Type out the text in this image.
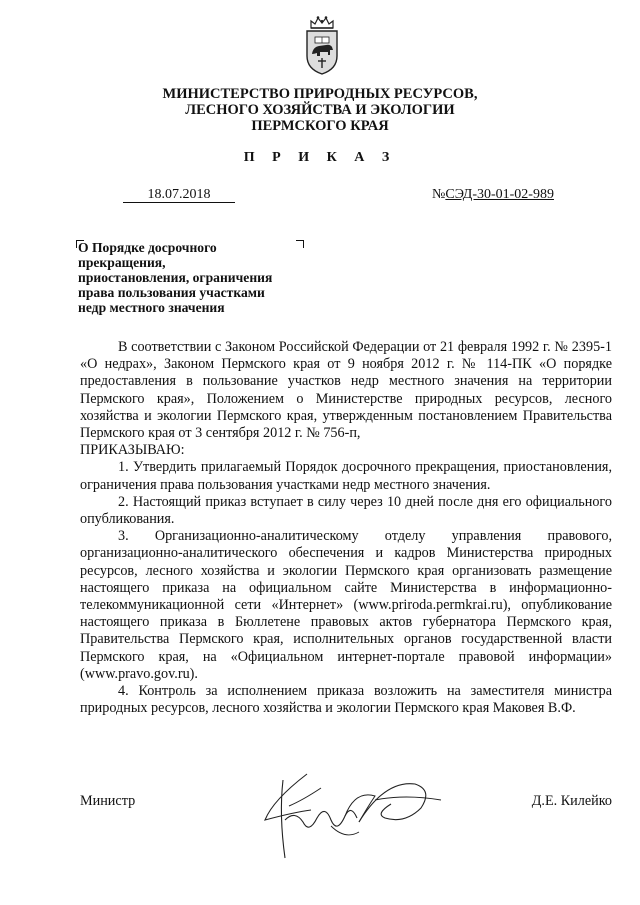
МИНИСТЕРСТВО ПРИРОДНЫХ РЕСУРСОВ,
ЛЕСНОГО ХОЗЯЙСТВА И ЭКОЛОГИИ
ПЕРМСКОГО КРАЯ
П Р И К А З
18.07.2018	№СЭД-30-01-02-989
О Порядке досрочного
прекращения,
приостановления, ограничения
права пользования участками
недр местного значения
В соответствии с Законом Российской Федерации от 21 февраля 1992 г. № 2395-1 «О недрах», Законом Пермского края от 9 ноября 2012 г. № 114-ПК «О порядке предоставления в пользование участков недр местного значения на территории Пермского края», Положением о Министерстве природных ресурсов, лесного хозяйства и экологии Пермского края, утвержденным постановлением Правительства Пермского края от 3 сентября 2012 г. № 756-п,
ПРИКАЗЫВАЮ:
1. Утвердить прилагаемый Порядок досрочного прекращения, приостановления, ограничения права пользования участками недр местного значения.
2. Настоящий приказ вступает в силу через 10 дней после дня его официального опубликования.
3. Организационно-аналитическому отделу управления правового, организационно-аналитического обеспечения и кадров Министерства природных ресурсов, лесного хозяйства и экологии Пермского края организовать размещение настоящего приказа на официальном сайте Министерства в информационно-телекоммуникационной сети «Интернет» (www.priroda.permkrai.ru), опубликование настоящего приказа в Бюллетене правовых актов губернатора Пермского края, Правительства Пермского края, исполнительных органов государственной власти Пермского края, на «Официальном интернет-портале правовой информации» (www.pravo.gov.ru).
4. Контроль за исполнением приказа возложить на заместителя министра природных ресурсов, лесного хозяйства и экологии Пермского края Маковея В.Ф.
Министр	Д.Е. Килейко
